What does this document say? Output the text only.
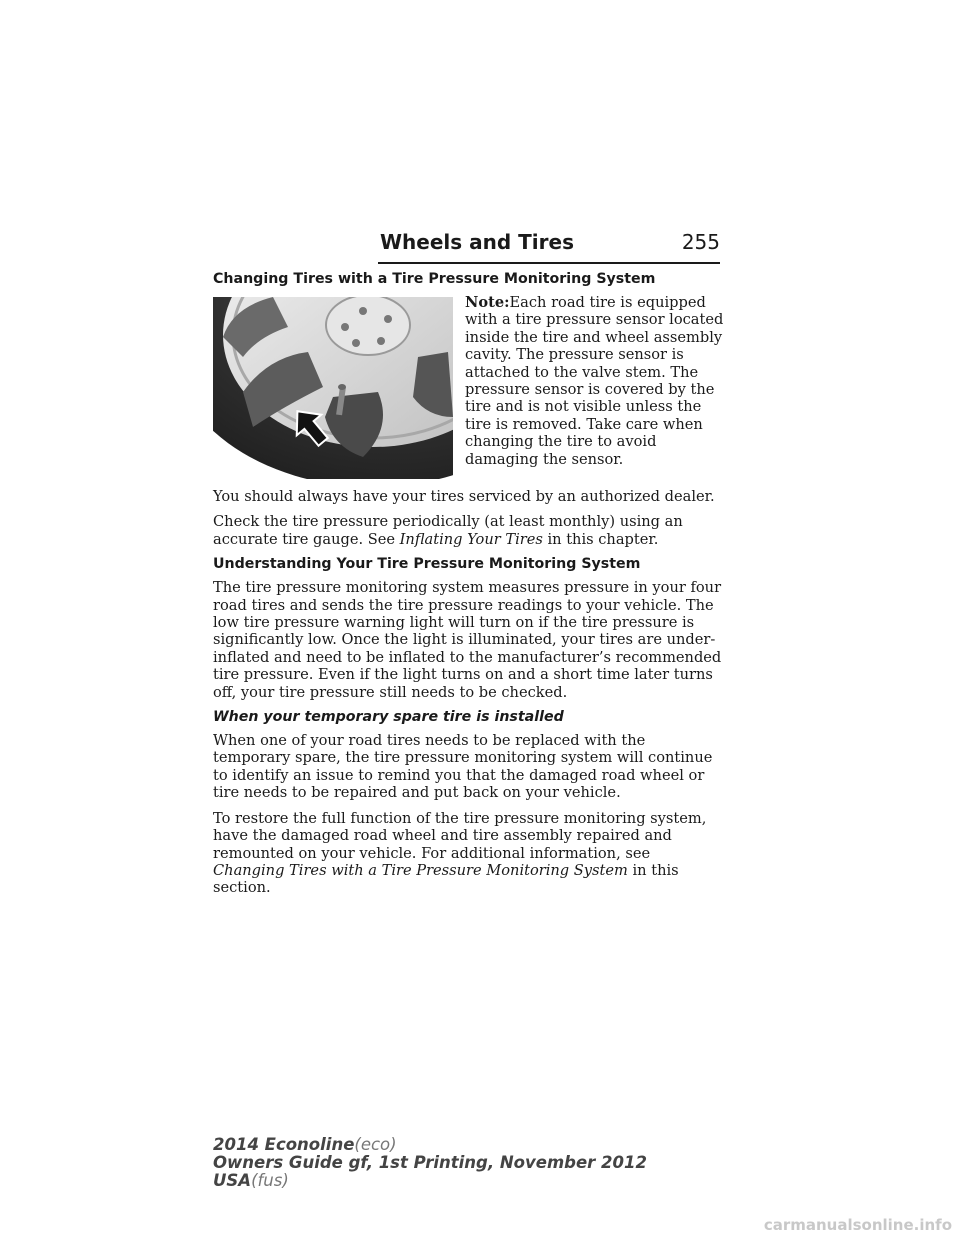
Wheels and Tires	255
Changing Tires with a Tire Pressure Monitoring System
Note:Each road tire is equipped with a tire pressure sensor located inside the tire and wheel assembly cavity. The pressure sensor is attached to the valve stem. The pressure sensor is covered by the tire and is not visible unless the tire is removed. Take care when changing the tire to avoid damaging the sensor.

You should always have your tires serviced by an authorized dealer.

Check the tire pressure periodically (at least monthly) using an accurate tire gauge. See Inflating Your Tires in this chapter.

Understanding Your Tire Pressure Monitoring System

The tire pressure monitoring system measures pressure in your four road tires and sends the tire pressure readings to your vehicle. The low tire pressure warning light will turn on if the tire pressure is significantly low. Once the light is illuminated, your tires are under-inflated and need to be inflated to the manufacturer’s recommended tire pressure. Even if the light turns on and a short time later turns off, your tire pressure still needs to be checked.

When your temporary spare tire is installed

When one of your road tires needs to be replaced with the temporary spare, the tire pressure monitoring system will continue to identify an issue to remind you that the damaged road wheel or tire needs to be repaired and put back on your vehicle.

To restore the full function of the tire pressure monitoring system, have the damaged road wheel and tire assembly repaired and remounted on your vehicle. For additional information, see Changing Tires with a Tire Pressure Monitoring System in this section.

2014 Econoline(eco)
Owners Guide gf, 1st Printing, November 2012
USA(fus)
carmanualsonline.info
